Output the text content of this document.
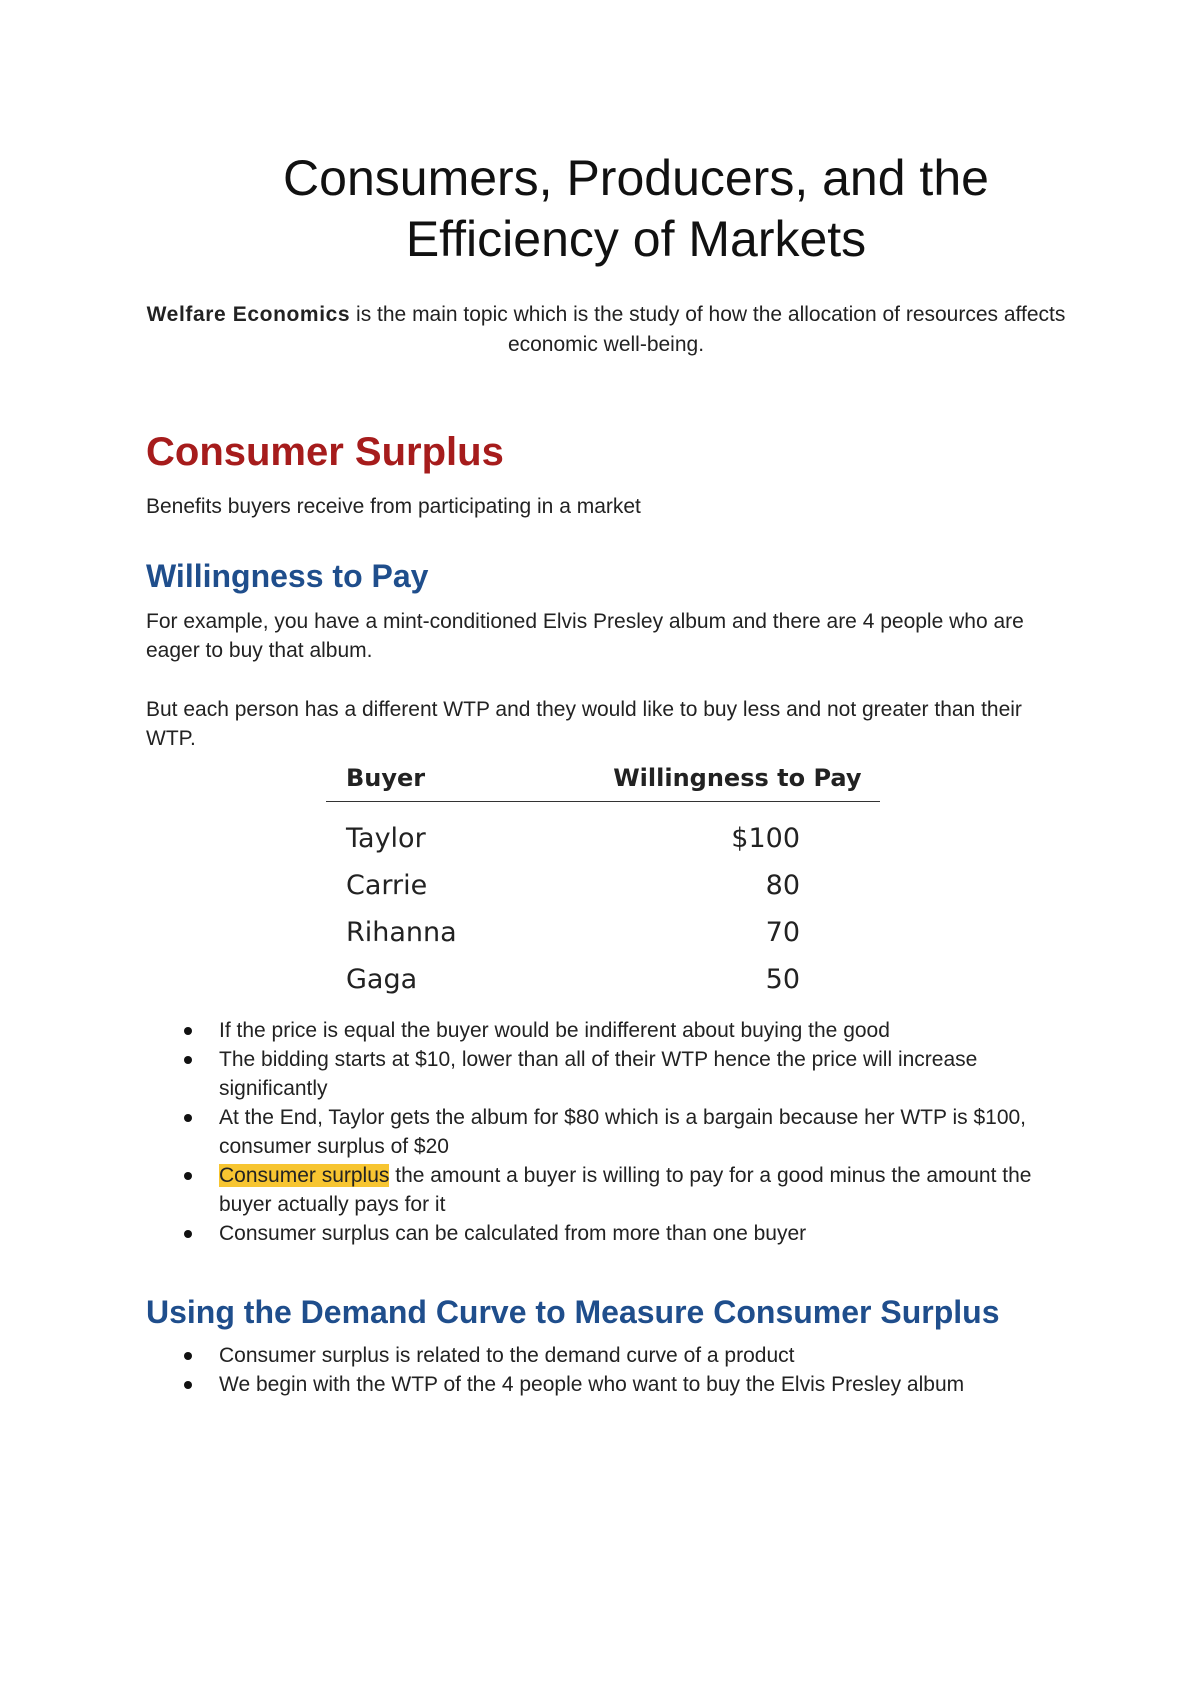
Consumers, Producers, and the
Efficiency of Markets

Welfare Economics is the main topic which is the study of how the allocation of resources affects economic well-being.

Consumer Surplus

Benefits buyers receive from participating in a market

Willingness to Pay

For example, you have a mint-conditioned Elvis Presley album and there are 4 people who are eager to buy that album.

But each person has a different WTP and they would like to buy less and not greater than their WTP.

Buyer	Willingness to Pay
Taylor	$100
Carrie	80
Rihanna	70
Gaga	50
If the price is equal the buyer would be indifferent about buying the good
The bidding starts at $10, lower than all of their WTP hence the price will increase significantly
At the End, Taylor gets the album for $80 which is a bargain because her WTP is $100, consumer surplus of $20
Consumer surplus the amount a buyer is willing to pay for a good minus the amount the buyer actually pays for it
Consumer surplus can be calculated from more than one buyer
Using the Demand Curve to Measure Consumer Surplus
Consumer surplus is related to the demand curve of a product
We begin with the WTP of the 4 people who want to buy the Elvis Presley album
